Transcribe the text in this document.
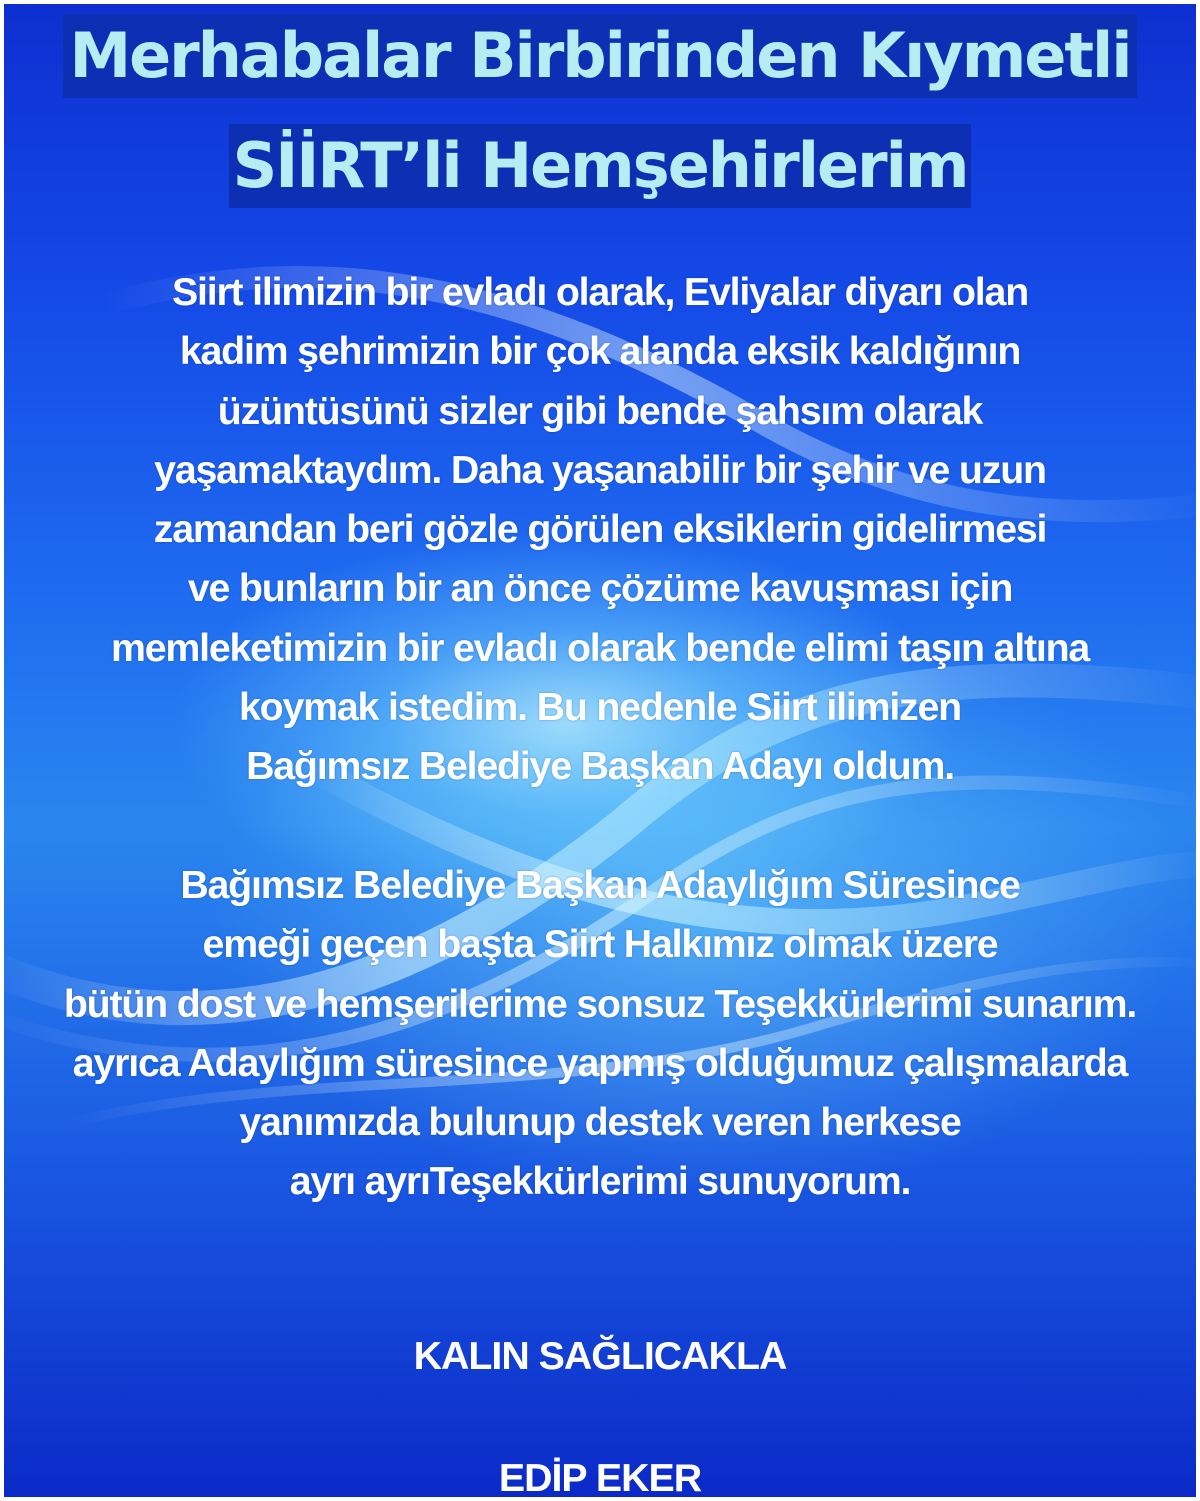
Merhabalar Birbirinden Kıymetli
SİİRT’li Hemşehirlerim

Siirt ilimizin bir evladı olarak, Evliyalar diyarı olan
kadim şehrimizin bir çok alanda eksik kaldığının
üzüntüsünü sizler gibi bende şahsım olarak
yaşamaktaydım. Daha yaşanabilir bir şehir ve uzun
zamandan beri gözle görülen eksiklerin gidelirmesi
ve bunların bir an önce çözüme kavuşması için
memleketimizin bir evladı olarak bende elimi taşın altına
koymak istedim. Bu nedenle Siirt ilimizen
Bağımsız Belediye Başkan Adayı oldum.

Bağımsız Belediye Başkan Adaylığım Süresince
emeği geçen başta Siirt Halkımız olmak üzere
bütün dost ve hemşerilerime sonsuz Teşekkürlerimi sunarım.
ayrıca Adaylığım süresince yapmış olduğumuz çalışmalarda
yanımızda bulunup destek veren herkese
ayrı ayrıTeşekkürlerimi sunuyorum.

KALIN SAĞLICAKLA
EDİP EKER
